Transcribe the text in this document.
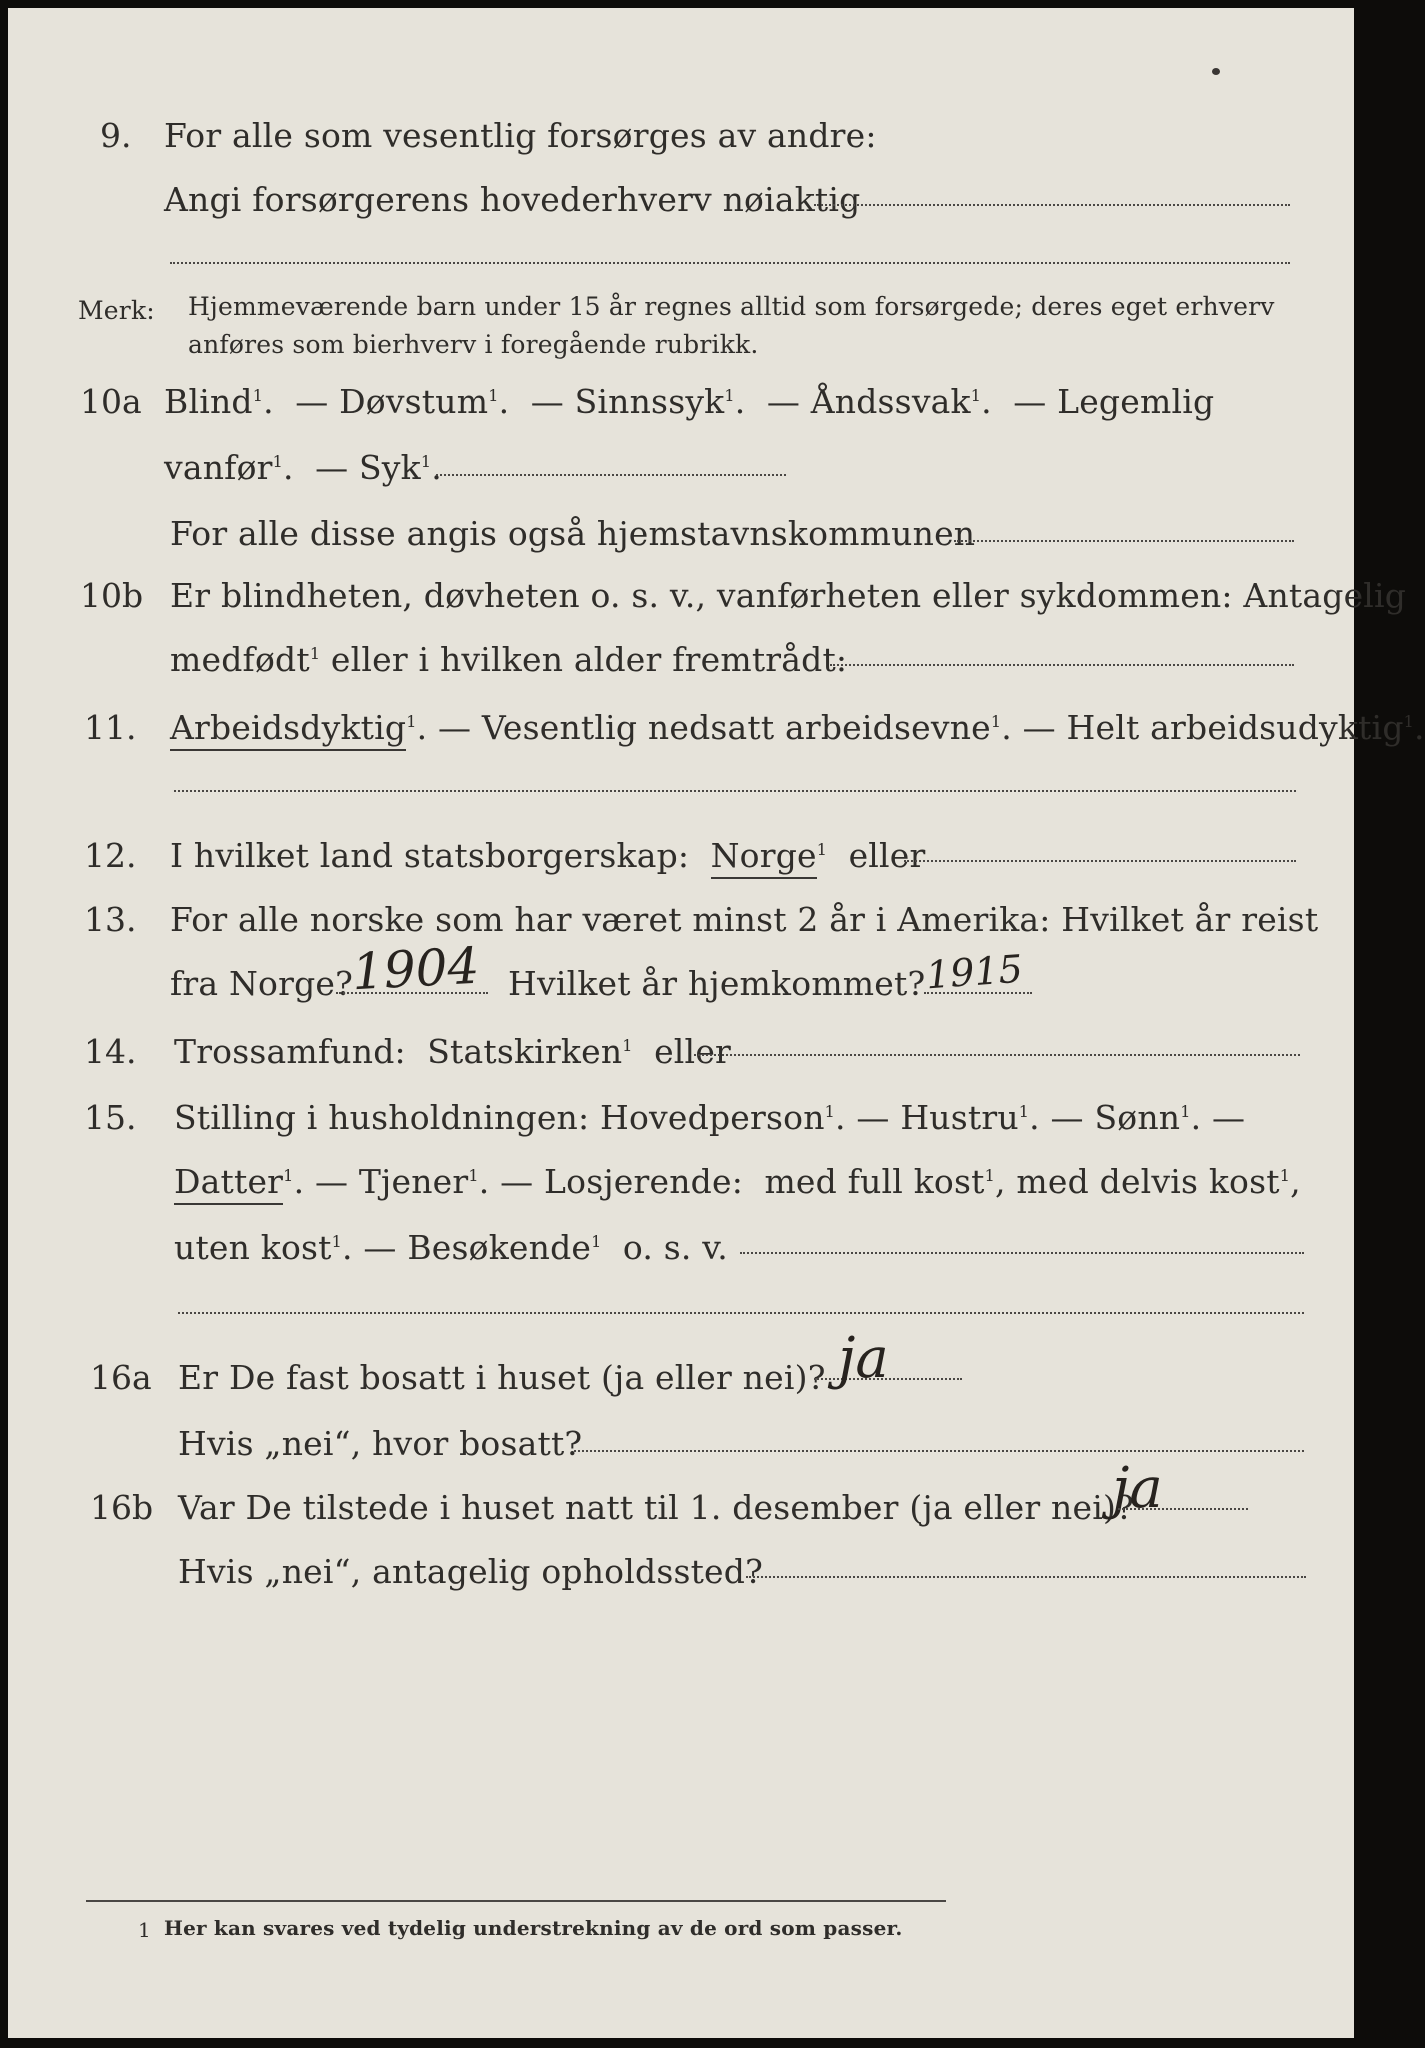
9. For alle som vesentlig forsørges av andre:
Angi forsørgerens hovederhverv nøiaktig
Merk: Hjemmeværende barn under 15 år regnes alltid som forsørgede; deres eget erhverv
anføres som bierhverv i foregående rubrikk.
10a Blind$^1$.  — Døvstum$^1$.  — Sinnssyk$^1$.  — Åndssvak$^1$.  — Legemlig
vanfør$^1$.  — Syk$^1$.
For alle disse angis også hjemstavnskommunen
10b Er blindheten, døvheten o. s. v., vanførheten eller sykdommen: Antagelig
medfødt$^1$ eller i hvilken alder fremtrådt:
11. Arbeidsdyktig$^1$. — Vesentlig nedsatt arbeidsevne$^1$. — Helt arbeidsudyktig$^1$.
12. I hvilket land statsborgerskap: Norge$^1$ eller
13. For alle norske som har været minst 2 år i Amerika: Hvilket år reist
fra Norge?
1904 Hvilket år hjemkommet? 1915
14. Trossamfund: Statskirken$^1$ eller
15. Stilling i husholdningen: Hovedperson$^1$. — Hustru$^1$. — Sønn$^1$. —
Datter$^1$. — Tjener$^1$. — Losjerende: med full kost$^1$, med delvis kost$^1$,
uten kost$^1$. — Besøkende$^1$ o. s. v.
16a Er De fast bosatt i huset (ja eller nei)? ja
Hvis „nei“, hvor bosatt?
16b Var De tilstede i huset natt til 1. desember (ja eller nei)?
ja
Hvis „nei“, antagelig opholdssted?
1 Her kan svares ved tydelig understrekning av de ord som passer.
